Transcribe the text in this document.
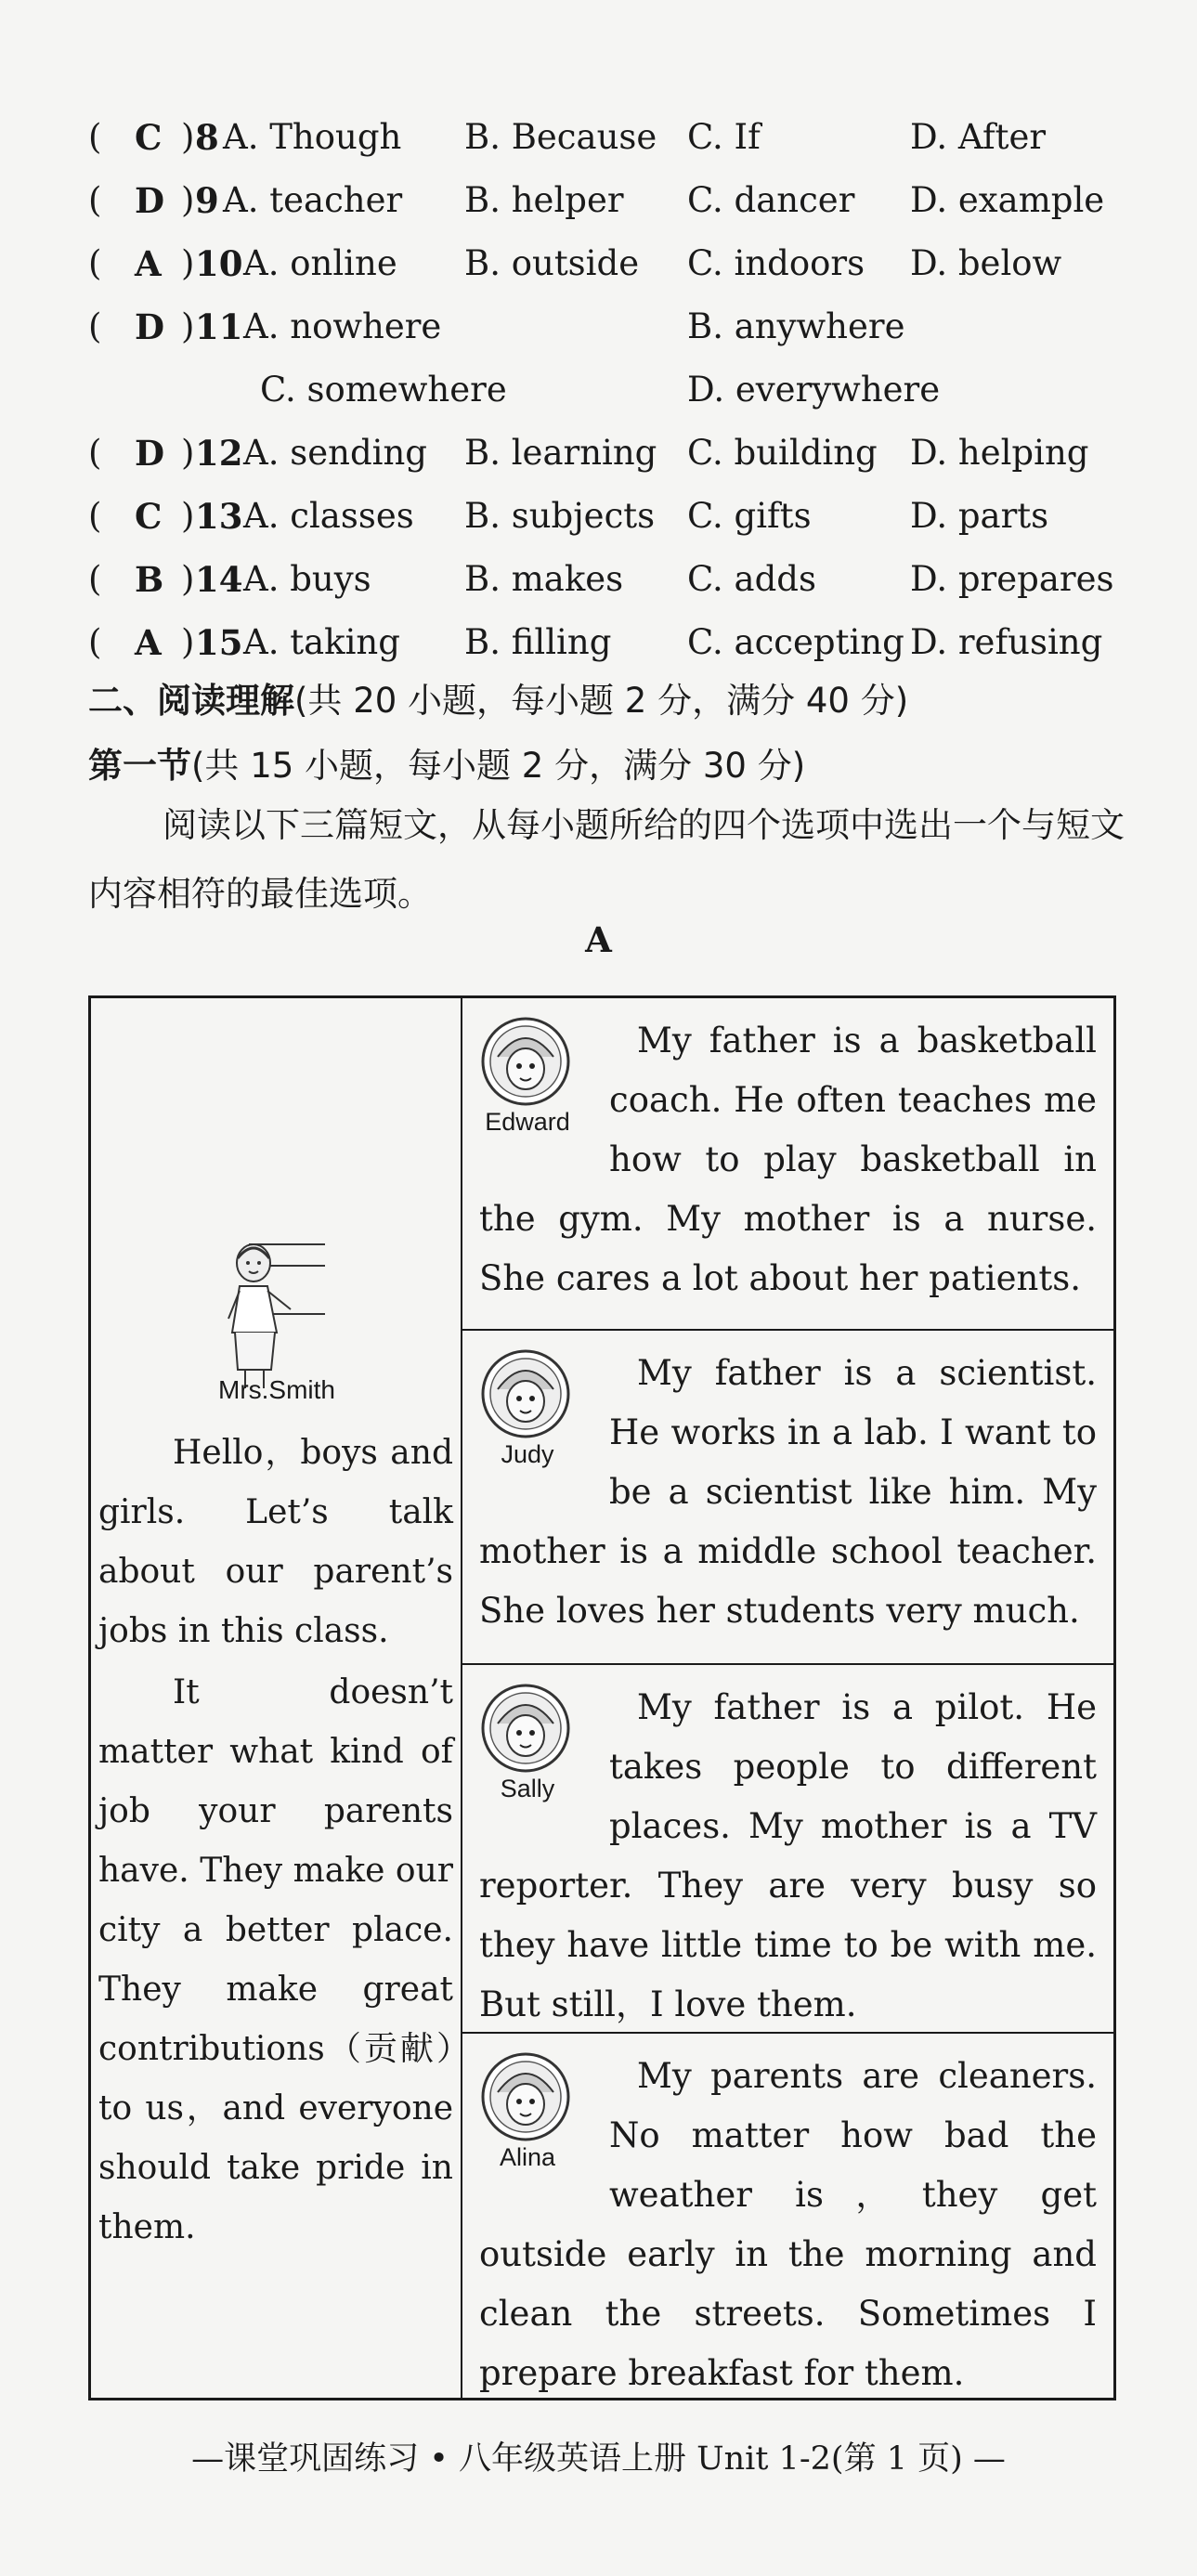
( C ) 8 A. Though B. Because C. If	D. After
( D ) 9 A. teacher B. helper C. dancer D. example
( A ) 10 A. online B. outside C. indoors D. below
( D ) 11 A. nowhere	B. anywhere
C. somewhere	D. everywhere
( D ) 12 A. sending B. learning C. building D. helping
( C ) 13 A. classes B. subjects C. gifts	D. parts
( B ) 14 A. buys	B. makes C. adds	D. prepares
( A ) 15 A. taking B. filling C. accepting D. refusing
二、阅读理解(共 20 小题，每小题 2 分，满分 40 分)
第一节(共 15 小题，每小题 2 分，满分 30 分)
阅读以下三篇短文，从每小题所给的四个选项中选出一个与短文内容相符的最佳选项。
A
Mrs.Smith
Hello，boys and girls. Let’s talk about our parent’s jobs in this class.
It doesn’t matter what kind of job your parents have. They make our city a better place. They make great contributions（贡献）to us，and everyone should take pride in them.
Edward
My father is a basketball coach. He often teaches me how to play basketball in the gym. My mother is a nurse. She cares a lot about her patients.
Judy
My father is a scientist. He works in a lab. I want to be a scientist like him. My mother is a middle school teacher. She loves her students very much.
Sally
My father is a pilot. He takes people to different places. My mother is a TV reporter. They are very busy so they have little time to be with me. But still，I love them.
Alina
My parents are cleaners. No matter how bad the weather is，they get outside early in the morning and clean the streets. Sometimes I prepare breakfast for them.
—课堂巩固练习 • 八年级英语上册 Unit 1-2(第 1 页) —
